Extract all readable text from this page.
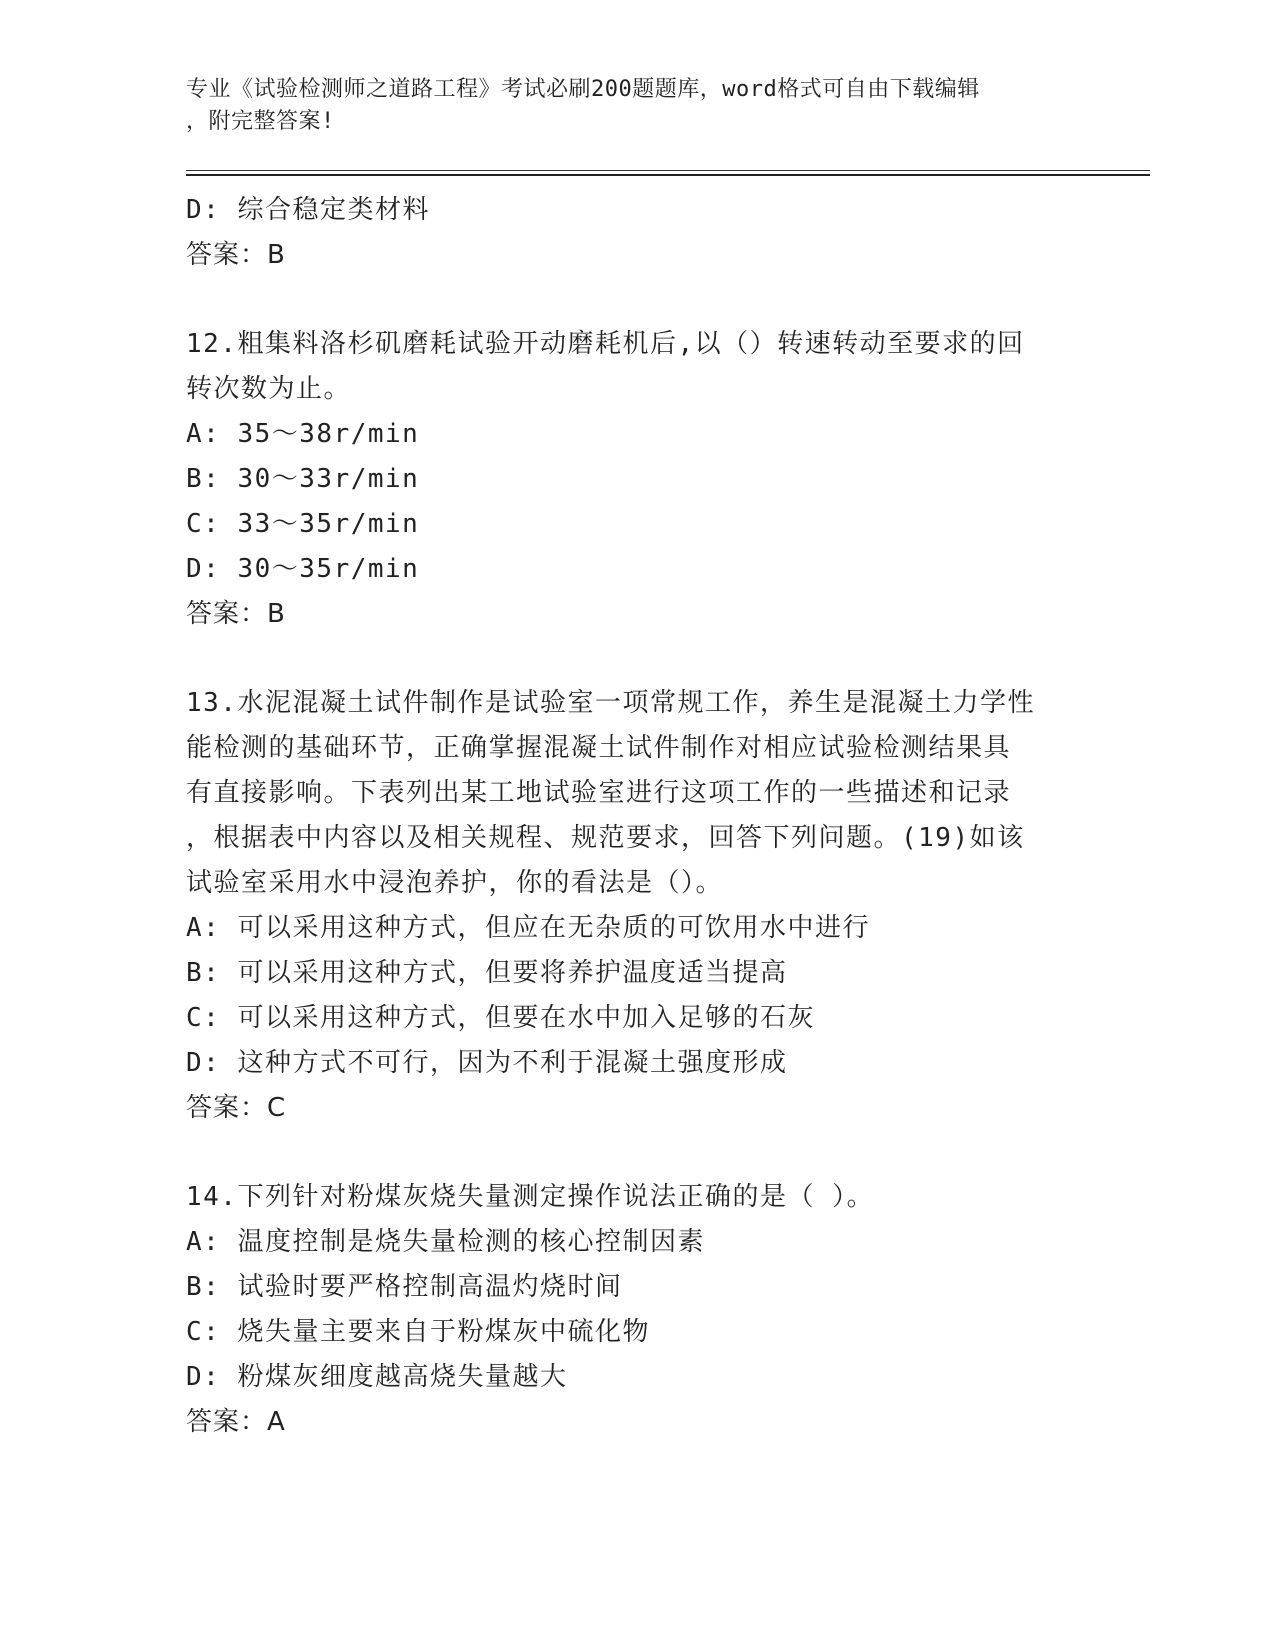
专业《试验检测师之道路工程》考试必刷200题题库，word格式可自由下载编辑
，附完整答案!
D: 综合稳定类材料
答案：B
12.粗集料洛杉矶磨耗试验开动磨耗机后,以（）转速转动至要求的回
转次数为止。
A: 35～38r/min
B: 30～33r/min
C: 33～35r/min
D: 30～35r/min
答案：B
13.水泥混凝土试件制作是试验室一项常规工作，养生是混凝土力学性
能检测的基础环节，正确掌握混凝土试件制作对相应试验检测结果具
有直接影响。下表列出某工地试验室进行这项工作的一些描述和记录
，根据表中内容以及相关规程、规范要求，回答下列问题。(19)如该
试验室采用水中浸泡养护，你的看法是（）。
A: 可以采用这种方式，但应在无杂质的可饮用水中进行
B: 可以采用这种方式，但要将养护温度适当提高
C: 可以采用这种方式，但要在水中加入足够的石灰
D: 这种方式不可行，因为不利于混凝土强度形成
答案：C
14.下列针对粉煤灰烧失量测定操作说法正确的是（ ）。
A: 温度控制是烧失量检测的核心控制因素
B: 试验时要严格控制高温灼烧时间
C: 烧失量主要来自于粉煤灰中硫化物
D: 粉煤灰细度越高烧失量越大
答案：A
